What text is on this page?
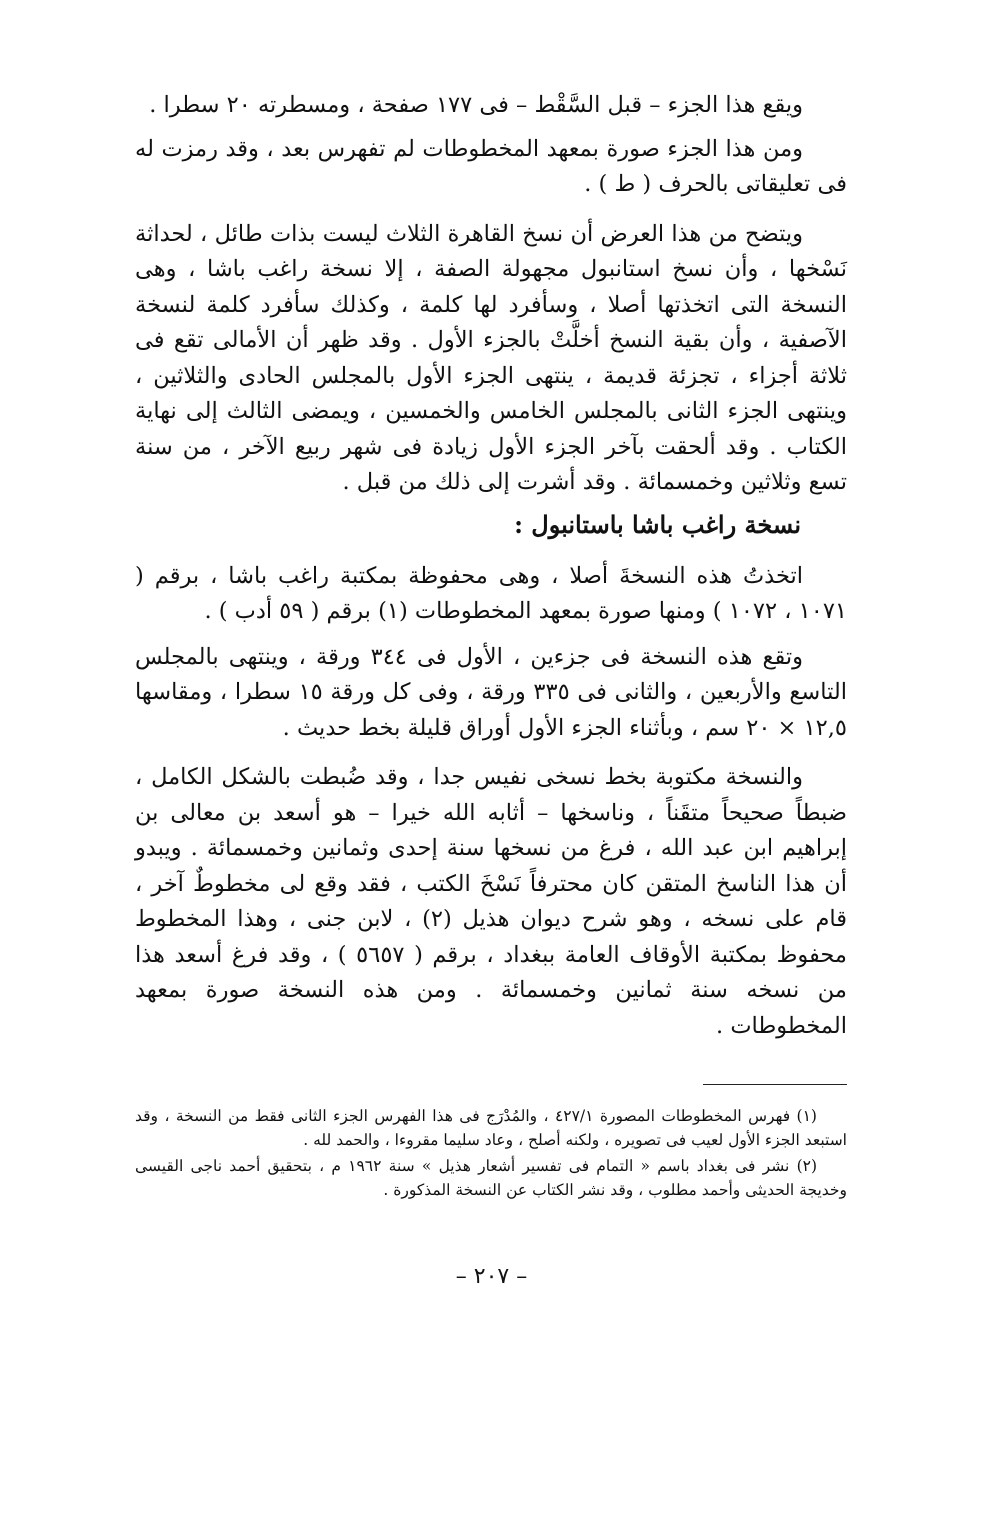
ويقع هذا الجزء – قبل السَّقْط – فى ١٧٧ صفحة ، ومسطرته ٢٠ سطرا .

ومن هذا الجزء صورة بمعهد المخطوطات لم تفهرس بعد ، وقد رمزت له فى تعليقاتى بالحرف ( ط ) .

ويتضح من هذا العرض أن نسخ القاهرة الثلاث ليست بذات طائل ، لحداثة نَسْخها ، وأن نسخ استانبول مجهولة الصفة ، إلا نسخة راغب باشا ، وهى النسخة التى اتخذتها أصلا ، وسأفرد لها كلمة ، وكذلك سأفرد كلمة لنسخة الآصفية ، وأن بقية النسخ أخلَّتْ بالجزء الأول . وقد ظهر أن الأمالى تقع فى ثلاثة أجزاء ، تجزئة قديمة ، ينتهى الجزء الأول بالمجلس الحادى والثلاثين ، وينتهى الجزء الثانى بالمجلس الخامس والخمسين ، ويمضى الثالث إلى نهاية الكتاب . وقد ألحقت بآخر الجزء الأول زيادة فى شهر ربيع الآخر ، من سنة تسع وثلاثين وخمسمائة . وقد أشرت إلى ذلك من قبل .

نسخة راغب باشا باستانبول :

اتخذتُ هذه النسخةَ أصلا ، وهى محفوظة بمكتبة راغب باشا ، برقم ( ١٠٧١ ، ١٠٧٢ ) ومنها صورة بمعهد المخطوطات (١) برقم ( ٥٩ أدب ) .

وتقع هذه النسخة فى جزءين ، الأول فى ٣٤٤ ورقة ، وينتهى بالمجلس التاسع والأربعين ، والثانى فى ٣٣٥ ورقة ، وفى كل ورقة ١٥ سطرا ، ومقاسها ١٢,٥ × ٢٠ سم ، وبأثناء الجزء الأول أوراق قليلة بخط حديث .

والنسخة مكتوبة بخط نسخى نفيس جدا ، وقد ضُبطت بالشكل الكامل ، ضبطاً صحيحاً متقَناً ، وناسخها – أثابه الله خيرا – هو أسعد بن معالى بن إبراهيم ابن عبد الله ، فرغ من نسخها سنة إحدى وثمانين وخمسمائة . ويبدو أن هذا الناسخ المتقن كان محترفاً نَسْخَ الكتب ، فقد وقع لى مخطوطٌ آخر ، قام على نسخه ، وهو شرح ديوان هذيل (٢) ، لابن جنى ، وهذا المخطوط محفوظ بمكتبة الأوقاف العامة ببغداد ، برقم ( ٥٦٥٧ ) ، وقد فرغ أسعد هذا من نسخه سنة ثمانين وخمسمائة . ومن هذه النسخة صورة بمعهد المخطوطات .

(١) فهرس المخطوطات المصورة ٤٢٧/١ ، والمُدْرَج فى هذا الفهرس الجزء الثانى فقط من النسخة ، وقد استبعد الجزء الأول لعيب فى تصويره ، ولكنه أصلح ، وعاد سليما مقروءا ، والحمد لله .

(٢) نشر فى بغداد باسم « التمام فى تفسير أشعار هذيل » سنة ١٩٦٢ م ، بتحقيق أحمد ناجى القيسى وخديجة الحديثى وأحمد مطلوب ، وقد نشر الكتاب عن النسخة المذكورة .

– ٢٠٧ –
